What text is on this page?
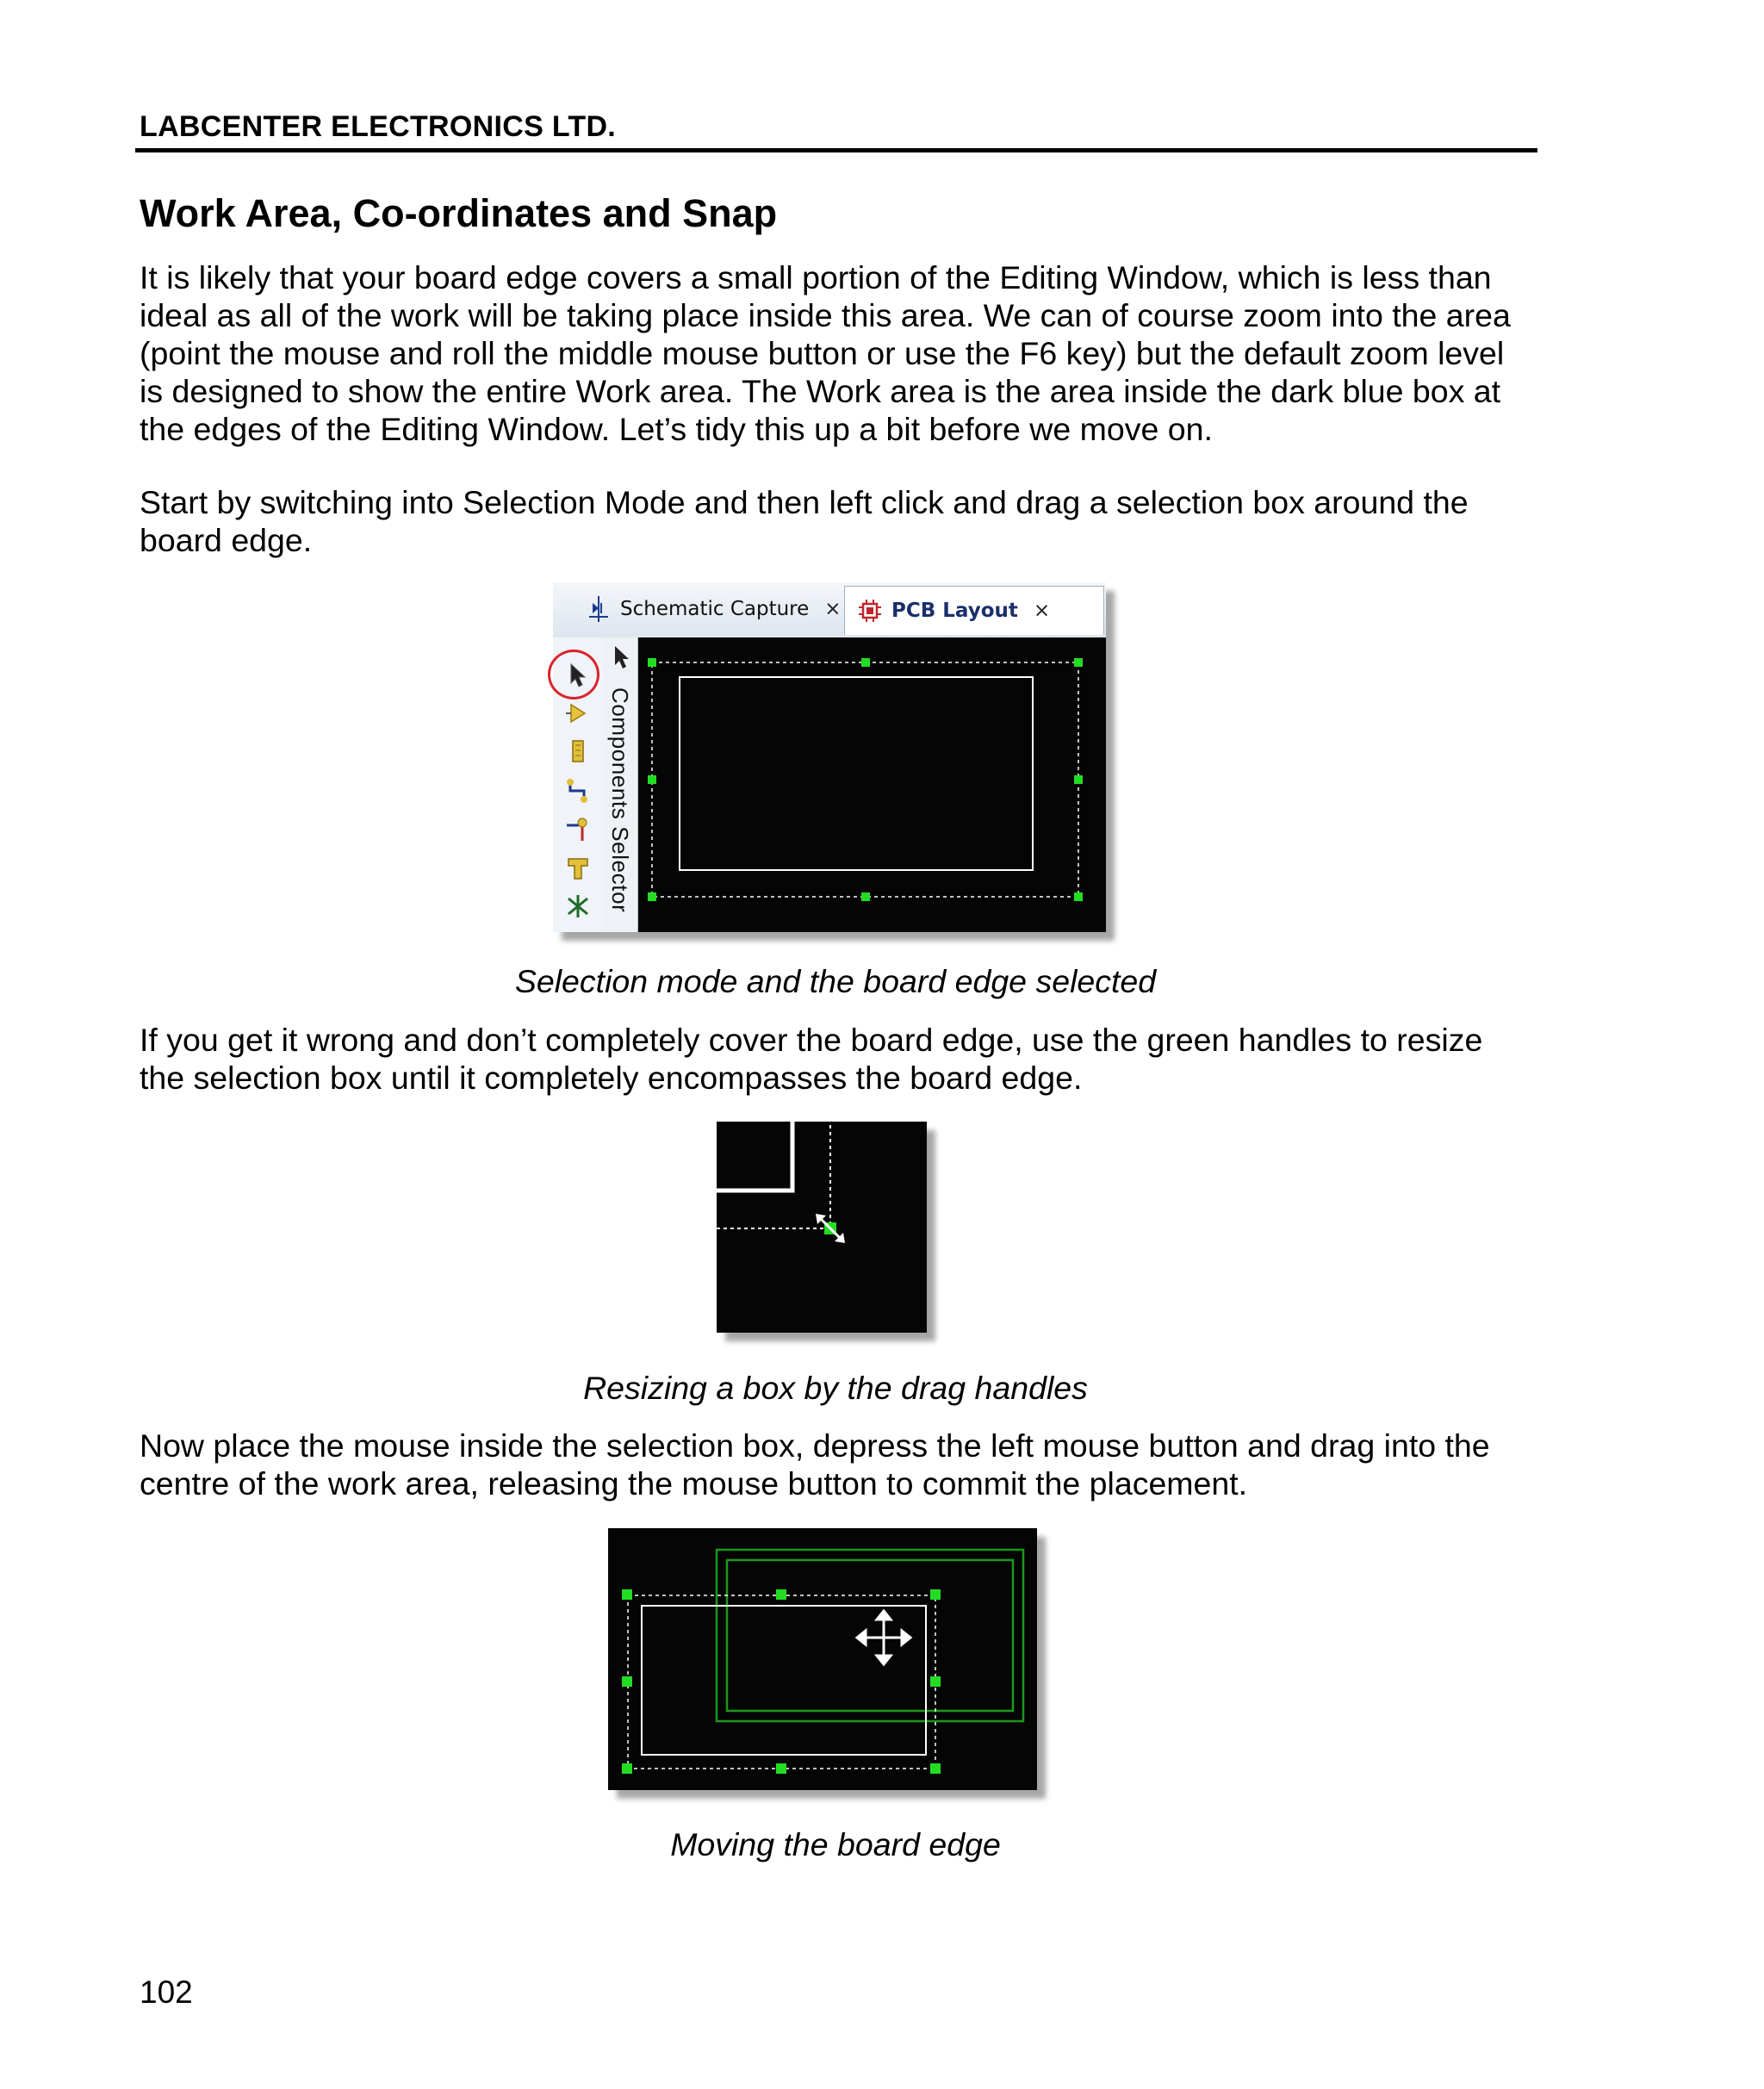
LABCENTER ELECTRONICS LTD.
Work Area, Co-ordinates and Snap

It is likely that your board edge covers a small portion of the Editing Window, which is less than
ideal as all of the work will be taking place inside this area. We can of course zoom into the area
(point the mouse and roll the middle mouse button or use the F6 key) but the default zoom level
is designed to show the entire Work area. The Work area is the area inside the dark blue box at
the edges of the Editing Window. Let’s tidy this up a bit before we move on.

Start by switching into Selection Mode and then left click and drag a selection box around the
board edge.

Schematic Capture ×	PCB Layout ×
Components Selector
Selection mode and the board edge selected

If you get it wrong and don’t completely cover the board edge, use the green handles to resize
the selection box until it completely encompasses the board edge.

Resizing a box by the drag handles

Now place the mouse inside the selection box, depress the left mouse button and drag into the
centre of the work area, releasing the mouse button to commit the placement.

Moving the board edge
102
